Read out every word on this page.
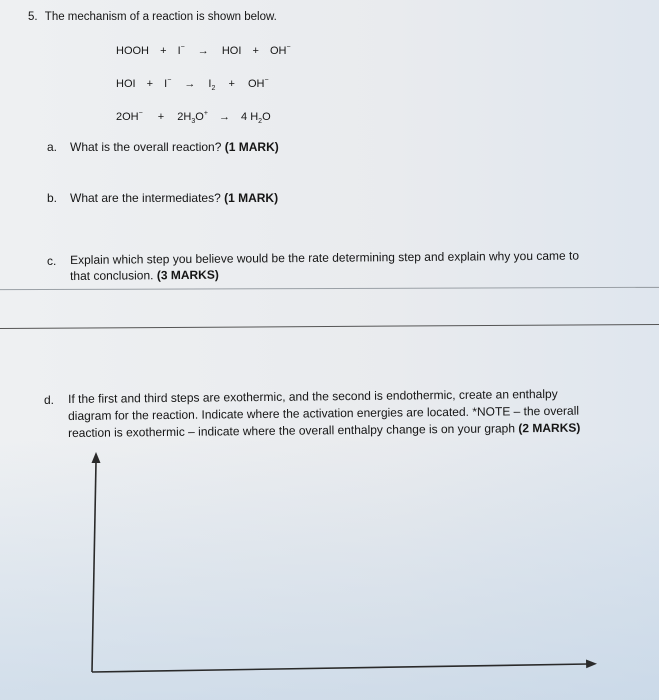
5. The mechanism of a reaction is shown below.
HOOH + I− → HOI + OH−
HOI + $I^- \to I_2 + OH^-$
$2OH^- + 2H_3O^+ \to 4$ $H_2O$
a. What is the overall reaction? (1 MARK)
b. What are the intermediates? (1 MARK)
c. Explain which step you believe would be the rate determining step and explain why you came to
that conclusion. (3 MARKS)
d. If the first and third steps are exothermic, and the second is endothermic, create an enthalpy
diagram for the reaction. Indicate where the activation energies are located. *NOTE – the overall
reaction is exothermic – indicate where the overall enthalpy change is on your graph (2 MARKS)
